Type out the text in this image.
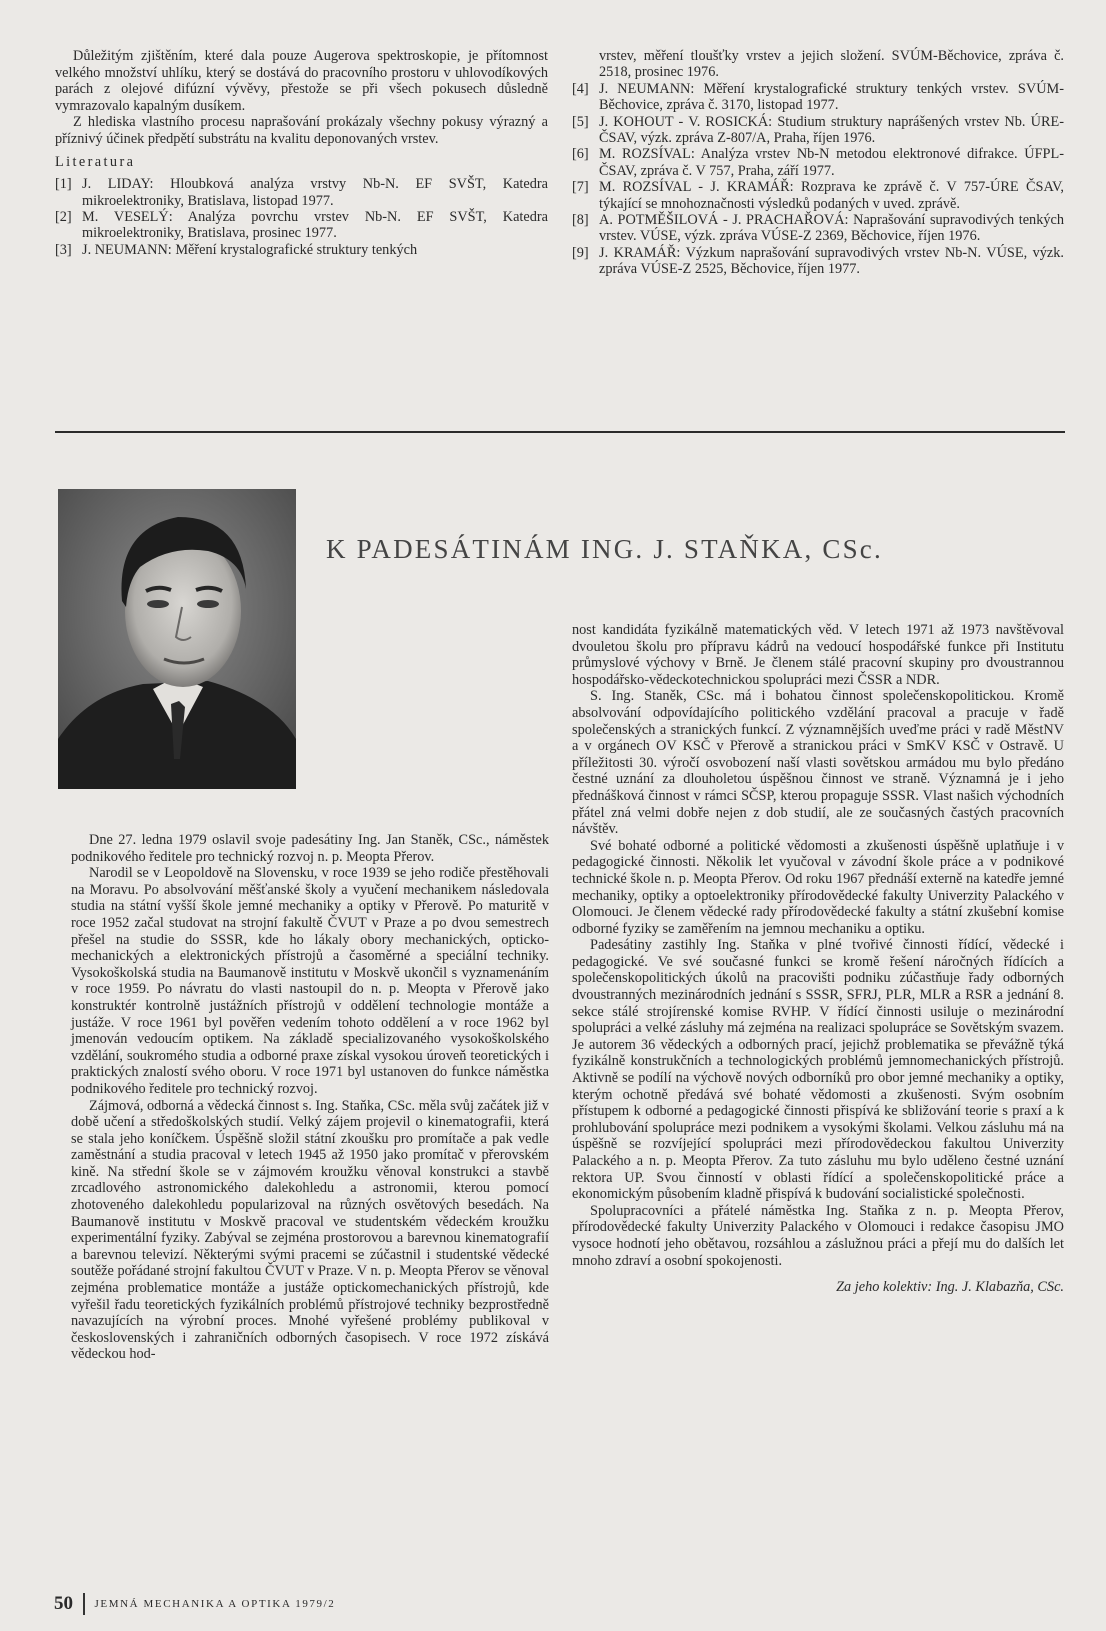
Důležitým zjištěním, které dala pouze Augerova spektroskopie, je přítomnost velkého množství uhlíku, který se dostává do pracovního prostoru v uhlovodíkových parách z olejové difúzní vývěvy, přestože se při všech pokusech důsledně vymrazovalo kapalným dusíkem.

Z hlediska vlastního procesu naprašování prokázaly všechny pokusy výrazný a příznivý účinek předpětí substrátu na kvalitu deponovaných vrstev.

Literatura
[1] J. LIDAY: Hloubková analýza vrstvy Nb-N. EF SVŠT, Katedra mikroelektroniky, Bratislava, listopad 1977.
[2] M. VESELÝ: Analýza povrchu vrstev Nb-N. EF SVŠT, Katedra mikroelektroniky, Bratislava, prosinec 1977.
[3] J. NEUMANN: Měření krystalografické struktury tenkých
vrstev, měření tloušťky vrstev a jejich složení. SVÚM-Běchovice, zpráva č. 2518, prosinec 1976.
[4] J. NEUMANN: Měření krystalografické struktury tenkých vrstev. SVÚM-Běchovice, zpráva č. 3170, listopad 1977.
[5] J. KOHOUT - V. ROSICKÁ: Studium struktury naprášených vrstev Nb. ÚRE-ČSAV, výzk. zpráva Z-807/A, Praha, říjen 1976.
[6] M. ROZSÍVAL: Analýza vrstev Nb-N metodou elektronové difrakce. ÚFPL-ČSAV, zpráva č. V 757, Praha, září 1977.
[7] M. ROZSÍVAL - J. KRAMÁŘ: Rozprava ke zprávě č. V 757-ÚRE ČSAV, týkající se mnohoznačnosti výsledků podaných v uved. zprávě.
[8] A. POTMĚŠILOVÁ - J. PRACHAŘOVÁ: Naprašování supravodivých tenkých vrstev. VÚSE, výzk. zpráva VÚSE-Z 2369, Běchovice, říjen 1976.
[9] J. KRAMÁŘ: Výzkum naprašování supravodivých vrstev Nb-N. VÚSE, výzk. zpráva VÚSE-Z 2525, Běchovice, říjen 1977.
K PADESÁTINÁM ING. J. STAŇKA, CSc.

Dne 27. ledna 1979 oslavil svoje padesátiny Ing. Jan Staněk, CSc., náměstek podnikového ředitele pro technický rozvoj n. p. Meopta Přerov.

Narodil se v Leopoldově na Slovensku, v roce 1939 se jeho rodiče přestěhovali na Moravu. Po absolvování měšťanské školy a vyučení mechanikem následovala studia na státní vyšší škole jemné mechaniky a optiky v Přerově. Po maturitě v roce 1952 začal studovat na strojní fakultě ČVUT v Praze a po dvou semestrech přešel na studie do SSSR, kde ho lákaly obory mechanických, optickomechanických a elektronických přístrojů a časoměrné a speciální techniky. Vysokoškolská studia na Baumanově institutu v Moskvě ukončil s vyznamenáním v roce 1959. Po návratu do vlasti nastoupil do n. p. Meopta v Přerově jako konstruktér kontrolně justážních přístrojů v oddělení technologie montáže a justáže. V roce 1961 byl pověřen vedením tohoto oddělení a v roce 1962 byl jmenován vedoucím optikem. Na základě specializovaného vysokoškolského vzdělání, soukromého studia a odborné praxe získal vysokou úroveň teoretických i praktických znalostí svého oboru. V roce 1971 byl ustanoven do funkce náměstka podnikového ředitele pro technický rozvoj.

Zájmová, odborná a vědecká činnost s. Ing. Staňka, CSc. měla svůj začátek již v době učení a středoškolských studií. Velký zájem projevil o kinematografii, která se stala jeho koníčkem. Úspěšně složil státní zkoušku pro promítače a pak vedle zaměstnání a studia pracoval v letech 1945 až 1950 jako promítač v přerovském kině. Na střední škole se v zájmovém kroužku věnoval konstrukci a stavbě zrcadlového astronomického dalekohledu a astronomii, kterou pomocí zhotoveného dalekohledu popularizoval na různých osvětových besedách. Na Baumanově institutu v Moskvě pracoval ve studentském vědeckém kroužku experimentální fyziky. Zabýval se zejména prostorovou a barevnou kinematografií a barevnou televizí. Některými svými pracemi se zúčastnil i studentské vědecké soutěže pořádané strojní fakultou ČVUT v Praze. V n. p. Meopta Přerov se věnoval zejména problematice montáže a justáže optickomechanických přístrojů, kde vyřešil řadu teoretických fyzikálních problémů přístrojové techniky bezprostředně navazujících na výrobní proces. Mnohé vyřešené problémy publikoval v československých i zahraničních odborných časopisech. V roce 1972 získává vědeckou hod-

nost kandidáta fyzikálně matematických věd. V letech 1971 až 1973 navštěvoval dvouletou školu pro přípravu kádrů na vedoucí hospodářské funkce při Institutu průmyslové výchovy v Brně. Je členem stálé pracovní skupiny pro dvoustrannou hospodářsko-vědeckotechnickou spolupráci mezi ČSSR a NDR.

S. Ing. Staněk, CSc. má i bohatou činnost společenskopolitickou. Kromě absolvování odpovídajícího politického vzdělání pracoval a pracuje v řadě společenských a stranických funkcí. Z významnějších uveďme práci v radě MěstNV a v orgánech OV KSČ v Přerově a stranickou práci v SmKV KSČ v Ostravě. U příležitosti 30. výročí osvobození naší vlasti sovětskou armádou mu bylo předáno čestné uznání za dlouholetou úspěšnou činnost ve straně. Významná je i jeho přednášková činnost v rámci SČSP, kterou propaguje SSSR. Vlast našich východních přátel zná velmi dobře nejen z dob studií, ale ze současných častých pracovních návštěv.

Své bohaté odborné a politické vědomosti a zkušenosti úspěšně uplatňuje i v pedagogické činnosti. Několik let vyučoval v závodní škole práce a v podnikové technické škole n. p. Meopta Přerov. Od roku 1967 přednáší externě na katedře jemné mechaniky, optiky a optoelektroniky přírodovědecké fakulty Univerzity Palackého v Olomouci. Je členem vědecké rady přírodovědecké fakulty a státní zkušební komise odborné fyziky se zaměřením na jemnou mechaniku a optiku.

Padesátiny zastihly Ing. Staňka v plné tvořivé činnosti řídící, vědecké i pedagogické. Ve své současné funkci se kromě řešení náročných řídících a společenskopolitických úkolů na pracovišti podniku zúčastňuje řady odborných dvoustranných mezinárodních jednání s SSSR, SFRJ, PLR, MLR a RSR a jednání 8. sekce stálé strojírenské komise RVHP. V řídící činnosti usiluje o mezinárodní spolupráci a velké zásluhy má zejména na realizaci spolupráce se Sovětským svazem. Je autorem 36 vědeckých a odborných prací, jejichž problematika se převážně týká fyzikálně konstrukčních a technologických problémů jemnomechanických přístrojů. Aktivně se podílí na výchově nových odborníků pro obor jemné mechaniky a optiky, kterým ochotně předává své bohaté vědomosti a zkušenosti. Svým osobním přístupem k odborné a pedagogické činnosti přispívá ke sbližování teorie s praxí a k prohlubování spolupráce mezi podnikem a vysokými školami. Velkou zásluhu má na úspěšně se rozvíjející spolupráci mezi přírodovědeckou fakultou Univerzity Palackého a n. p. Meopta Přerov. Za tuto zásluhu mu bylo uděleno čestné uznání rektora UP. Svou činností v oblasti řídící a společenskopolitické práce a ekonomickým působením kladně přispívá k budování socialistické společnosti.

Spolupracovníci a přátelé náměstka Ing. Staňka z n. p. Meopta Přerov, přírodovědecké fakulty Univerzity Palackého v Olomouci i redakce časopisu JMO vysoce hodnotí jeho obětavou, rozsáhlou a záslužnou práci a přejí mu do dalších let mnoho zdraví a osobní spokojenosti.

Za jeho kolektiv: Ing. J. Klabazňa, CSc.
50 JEMNÁ MECHANIKA A OPTIKA 1979/2
